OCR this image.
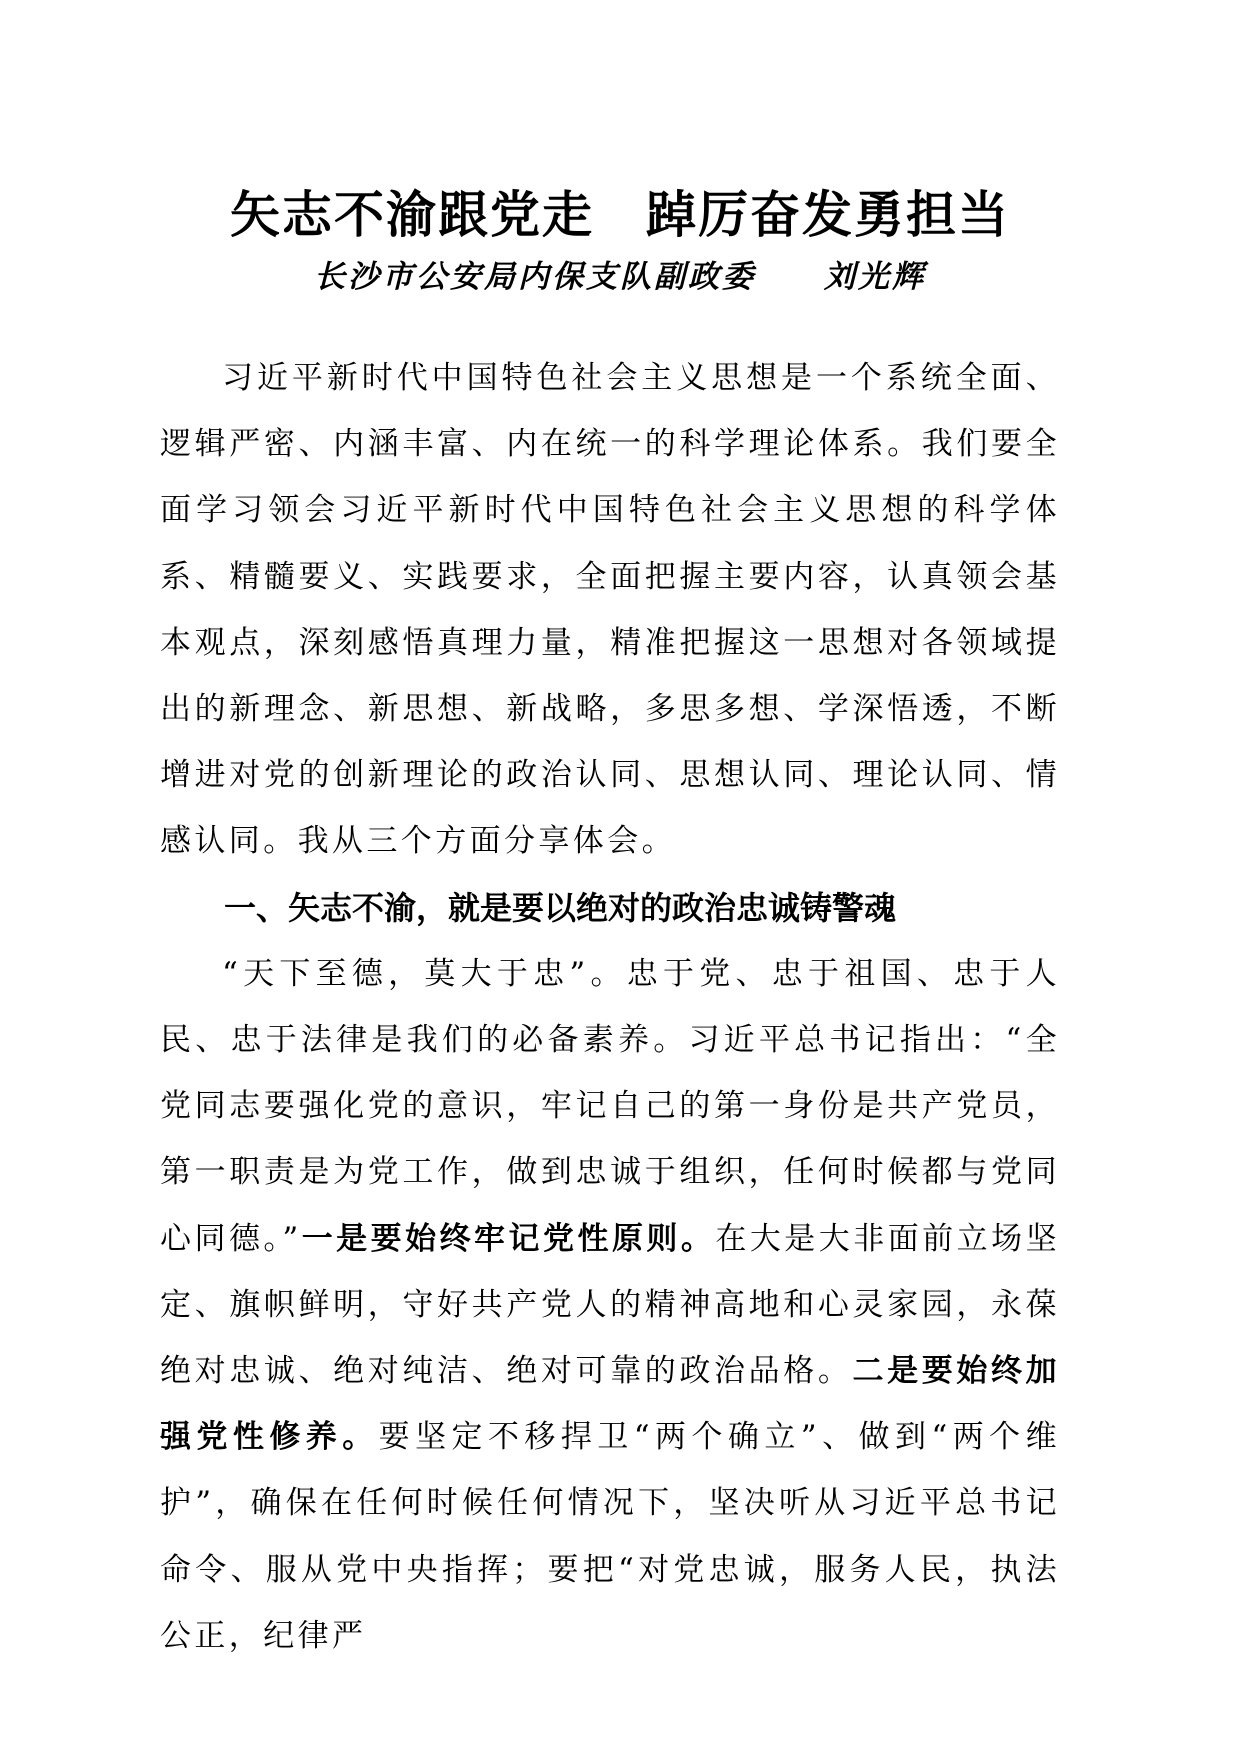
矢志不渝跟党走　踔厉奋发勇担当
长沙市公安局内保支队副政委　　刘光辉

习近平新时代中国特色社会主义思想是一个系统全面、逻辑严密、内涵丰富、内在统一的科学理论体系。我们要全面学习领会习近平新时代中国特色社会主义思想的科学体系、精髓要义、实践要求，全面把握主要内容，认真领会基本观点，深刻感悟真理力量，精准把握这一思想对各领域提出的新理念、新思想、新战略，多思多想、学深悟透，不断增进对党的创新理论的政治认同、思想认同、理论认同、情感认同。我从三个方面分享体会。

一、矢志不渝，就是要以绝对的政治忠诚铸警魂

“天下至德，莫大于忠”。忠于党、忠于祖国、忠于人民、忠于法律是我们的必备素养。习近平总书记指出：“全党同志要强化党的意识，牢记自己的第一身份是共产党员，第一职责是为党工作，做到忠诚于组织，任何时候都与党同心同德。”一是要始终牢记党性原则。在大是大非面前立场坚定、旗帜鲜明，守好共产党人的精神高地和心灵家园，永葆绝对忠诚、绝对纯洁、绝对可靠的政治品格。二是要始终加强党性修养。要坚定不移捍卫“两个确立”、做到“两个维护”，确保在任何时候任何情况下，坚决听从习近平总书记命令、服从党中央指挥；要把“对党忠诚，服务人民，执法公正，纪律严
